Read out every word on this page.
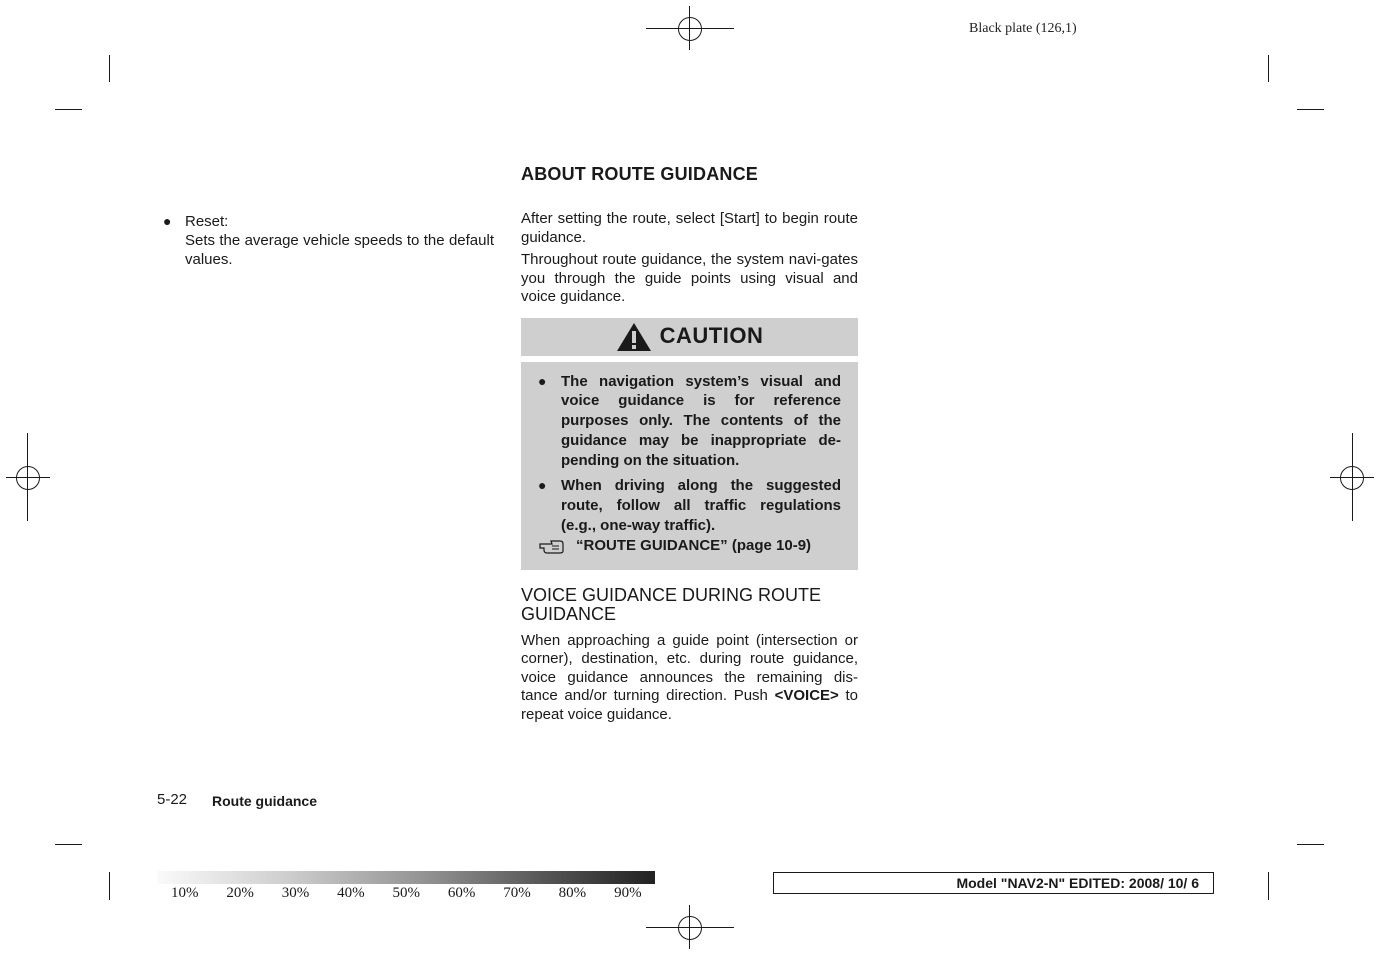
Black plate (126,1)
● Reset:
Sets the average vehicle speeds to the default values.
ABOUT ROUTE GUIDANCE

After setting the route, select [Start] to begin route guidance.

Throughout route guidance, the system navi-gates you through the guide points using visual and voice guidance.

CAUTION
● The navigation system’s visual and voice guidance is for reference purposes only. The contents of the guidance may be inappropriate de-pending on the situation.
● When driving along the suggested route, follow all traffic regulations (e.g., one-way traffic).
“ROUTE GUIDANCE” (page 10-9)
VOICE GUIDANCE DURING ROUTE GUIDANCE

When approaching a guide point (intersection or corner), destination, etc. during route guidance, voice guidance announces the remaining dis-tance and/or turning direction. Push <VOICE> to repeat voice guidance.

5-22 Route guidance
10%	20%	30%	40%	50%	60%	70%	80%	90%
Model "NAV2-N" EDITED: 2008/ 10/ 6
